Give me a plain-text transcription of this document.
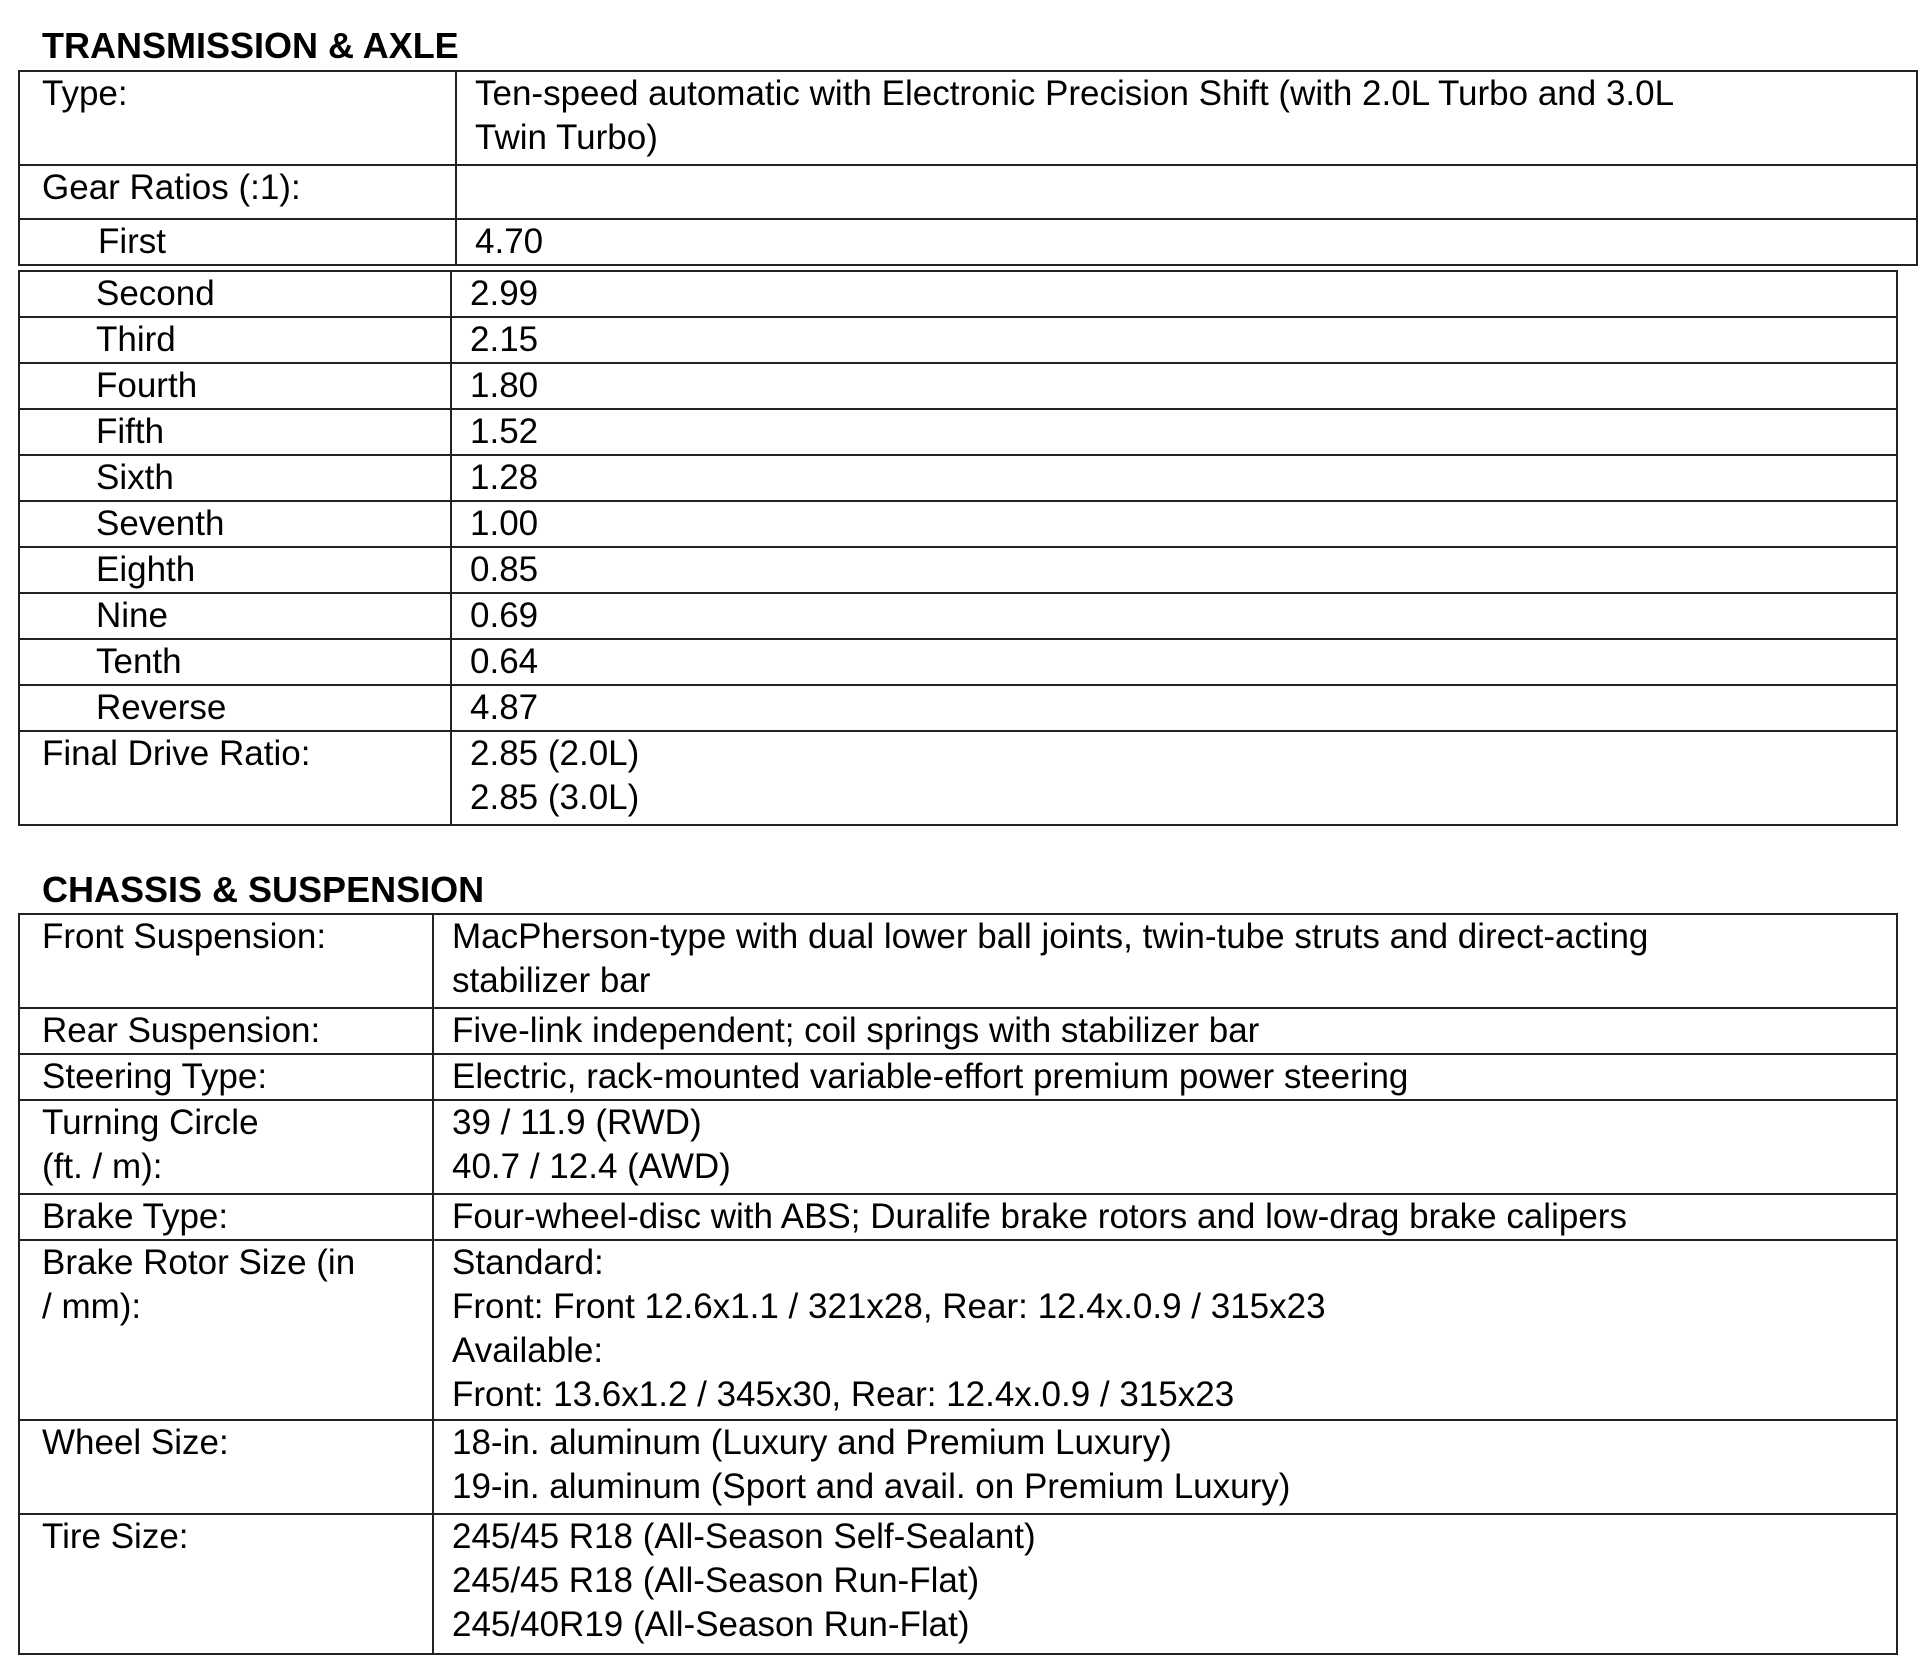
TRANSMISSION & AXLE
Type:	Ten-speed automatic with Electronic Precision Shift (with 2.0L Turbo and 3.0L
Twin Turbo)

Gear Ratios (:1):	
First	4.70
Second	2.99
Third	2.15
Fourth	1.80
Fifth	1.52
Sixth	1.28
Seventh	1.00
Eighth	0.85
Nine	0.69
Tenth	0.64
Reverse	4.87
Final Drive Ratio:	2.85 (2.0L)
2.85 (3.0L)
CHASSIS & SUSPENSION
Front Suspension:	MacPherson-type with dual lower ball joints, twin-tube struts and direct-acting
stabilizer bar

Rear Suspension:	Five-link independent; coil springs with stabilizer bar

Steering Type:	Electric, rack-mounted variable-effort premium power steering

Turning Circle
(ft. / m):	39 / 11.9 (RWD)
40.7 / 12.4 (AWD)

Brake Type:	Four-wheel-disc with ABS; Duralife brake rotors and low-drag brake calipers

Brake Rotor Size (in
/ mm):	Standard:
Front: Front 12.6x1.1 / 321x28, Rear: 12.4x.0.9 / 315x23
Available:
Front: 13.6x1.2 / 345x30, Rear: 12.4x.0.9 / 315x23

Wheel Size:	18-in. aluminum (Luxury and Premium Luxury)
19-in. aluminum (Sport and avail. on Premium Luxury)

Tire Size:	245/45 R18 (All-Season Self-Sealant)
245/45 R18 (All-Season Run-Flat)
245/40R19 (All-Season Run-Flat)
